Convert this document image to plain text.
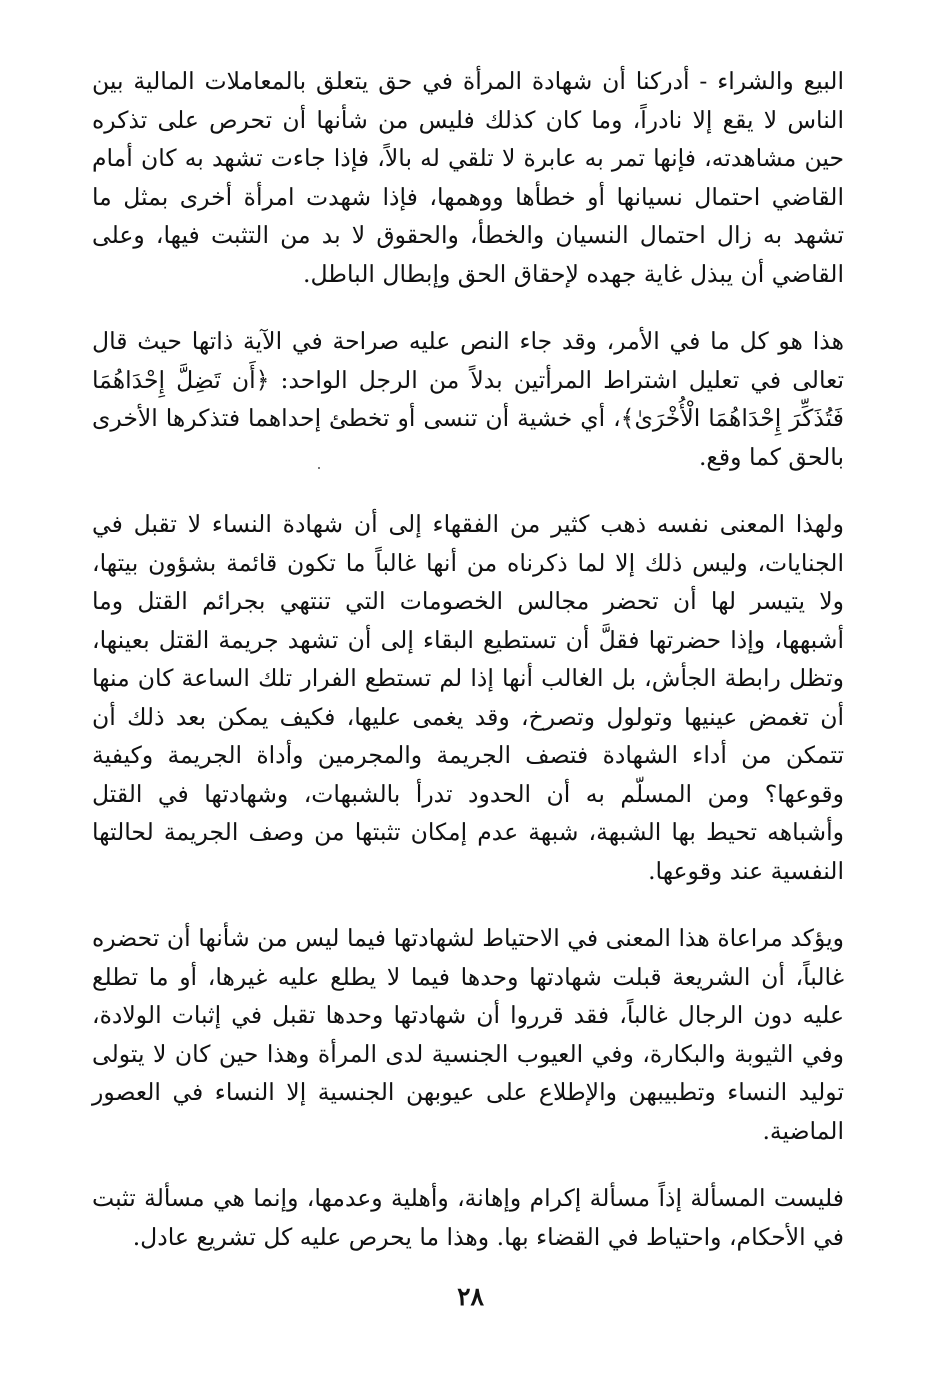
البيع والشراء - أدركنا أن شهادة المرأة في حق يتعلق بالمعاملات المالية بين الناس لا يقع إلا نادراً، وما كان كذلك فليس من شأنها أن تحرص على تذكره حين مشاهدته، فإنها تمر به عابرة لا تلقي له بالاً، فإذا جاءت تشهد به كان أمام القاضي احتمال نسيانها أو خطأها ووهمها، فإذا شهدت امرأة أخرى بمثل ما تشهد به زال احتمال النسيان والخطأ، والحقوق لا بد من التثبت فيها، وعلى القاضي أن يبذل غاية جهده لإحقاق الحق وإبطال الباطل.

هذا هو كل ما في الأمر، وقد جاء النص عليه صراحة في الآية ذاتها حيث قال تعالى في تعليل اشتراط المرأتين بدلاً من الرجل الواحد: ﴿أَن تَضِلَّ إِحْدَاهُمَا فَتُذَكِّرَ إِحْدَاهُمَا الْأُخْرَىٰ﴾، أي خشية أن تنسى أو تخطئ إحداهما فتذكرها الأخرى بالحق كما وقع.

ولهذا المعنى نفسه ذهب كثير من الفقهاء إلى أن شهادة النساء لا تقبل في الجنايات، وليس ذلك إلا لما ذكرناه من أنها غالباً ما تكون قائمة بشؤون بيتها، ولا يتيسر لها أن تحضر مجالس الخصومات التي تنتهي بجرائم القتل وما أشبهها، وإذا حضرتها فقلَّ أن تستطيع البقاء إلى أن تشهد جريمة القتل بعينها، وتظل رابطة الجأش، بل الغالب أنها إذا لم تستطع الفرار تلك الساعة كان منها أن تغمض عينيها وتولول وتصرخ، وقد يغمى عليها، فكيف يمكن بعد ذلك أن تتمكن من أداء الشهادة فتصف الجريمة والمجرمين وأداة الجريمة وكيفية وقوعها؟ ومن المسلّم به أن الحدود تدرأ بالشبهات، وشهادتها في القتل وأشباهه تحيط بها الشبهة، شبهة عدم إمكان تثبتها من وصف الجريمة لحالتها النفسية عند وقوعها.

ويؤكد مراعاة هذا المعنى في الاحتياط لشهادتها فيما ليس من شأنها أن تحضره غالباً، أن الشريعة قبلت شهادتها وحدها فيما لا يطلع عليه غيرها، أو ما تطلع عليه دون الرجال غالباً، فقد قرروا أن شهادتها وحدها تقبل في إثبات الولادة، وفي الثيوبة والبكارة، وفي العيوب الجنسية لدى المرأة وهذا حين كان لا يتولى توليد النساء وتطبيبهن والإطلاع على عيوبهن الجنسية إلا النساء في العصور الماضية.

فليست المسألة إذاً مسألة إكرام وإهانة، وأهلية وعدمها، وإنما هي مسألة تثبت في الأحكام، واحتياط في القضاء بها. وهذا ما يحرص عليه كل تشريع عادل.

٢٨
